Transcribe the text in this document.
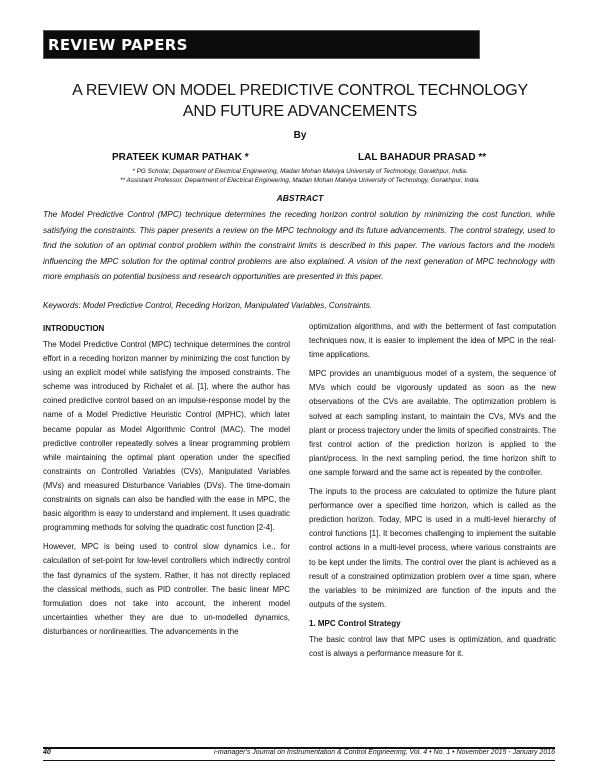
REVIEW PAPERS
A REVIEW ON MODEL PREDICTIVE CONTROL TECHNOLOGY
AND FUTURE ADVANCEMENTS
By
PRATEEK KUMAR PATHAK *	LAL BAHADUR PRASAD **
* PG Scholar, Department of Electrical Engineering, Madan Mohan Malviya University of Technology, Gorakhpur, India.
** Assistant Professor, Department of Electrical Engineering, Madan Mohan Malviya University of Technology, Gorakhpur, India.
ABSTRACT
The Model Predictive Control (MPC) technique determines the receding horizon control solution by minimizing the cost function, while satisfying the constraints. This paper presents a review on the MPC technology and its future advancements. The control strategy, used to find the solution of an optimal control problem within the constraint limits is described in this paper. The various factors and the models influencing the MPC solution for the optimal control problems are also explained. A vision of the next generation of MPC technology with more emphasis on potential business and research opportunities are presented in this paper.
Keywords: Model Predictive Control, Receding Horizon, Manipulated Variables, Constraints.
INTRODUCTION

The Model Predictive Control (MPC) technique determines the control effort in a receding horizon manner by minimizing the cost function by using an explicit model while satisfying the imposed constraints. The scheme was introduced by Richalet et al. [1], where the author has coined predictive control based on an impulse-response model by the name of a Model Predictive Heuristic Control (MPHC), which later became popular as Model Algorithmic Control (MAC). The model predictive controller repeatedly solves a linear programming problem while maintaining the optimal plant operation under the specified constraints on Controlled Variables (CVs), Manipulated Variables (MVs) and measured Disturbance Variables (DVs). The time-domain constraints on signals can also be handled with the ease in MPC, the basic algorithm is easy to understand and implement. It uses quadratic programming methods for solving the quadratic cost function [2-4].

However, MPC is being used to control slow dynamics i.e., for calculation of set-point for low-level controllers which indirectly control the fast dynamics of the system. Rather, it has not directly replaced the classical methods, such as PID controller. The basic linear MPC formulation does not take into account, the inherent model uncertainties whether they are due to un-modelled dynamics, disturbances or nonlinearities. The advancements in the

optimization algorithms, and with the betterment of fast computation techniques now, it is easier to implement the idea of MPC in the real-time applications.

MPC provides an unambiguous model of a system, the sequence of MVs which could be vigorously updated as soon as the new observations of the CVs are available. The optimization problem is solved at each sampling instant, to maintain the CVs, MVs and the plant or process trajectory under the limits of specified constraints. The first control action of the prediction horizon is applied to the plant/process. In the next sampling period, the time horizon shift to one sample forward and the same act is repeated by the controller.

The inputs to the process are calculated to optimize the future plant performance over a specified time horizon, which is called as the prediction horizon. Today, MPC is used in a multi-level hierarchy of control functions [1]. It becomes challenging to implement the suitable control actions in a multi-level process, where various constraints are to be kept under the limits. The control over the plant is achieved as a result of a constrained optimization problem over a time span, where the variables to be minimized are function of the inputs and the outputs of the system.

1. MPC Control Strategy

The basic control law that MPC uses is optimization, and quadratic cost is always a performance measure for it.

40	i-manager's Journal on Instrumentation & Control Engineering, Vol. 4 • No. 1 • November 2015 - January 2016
